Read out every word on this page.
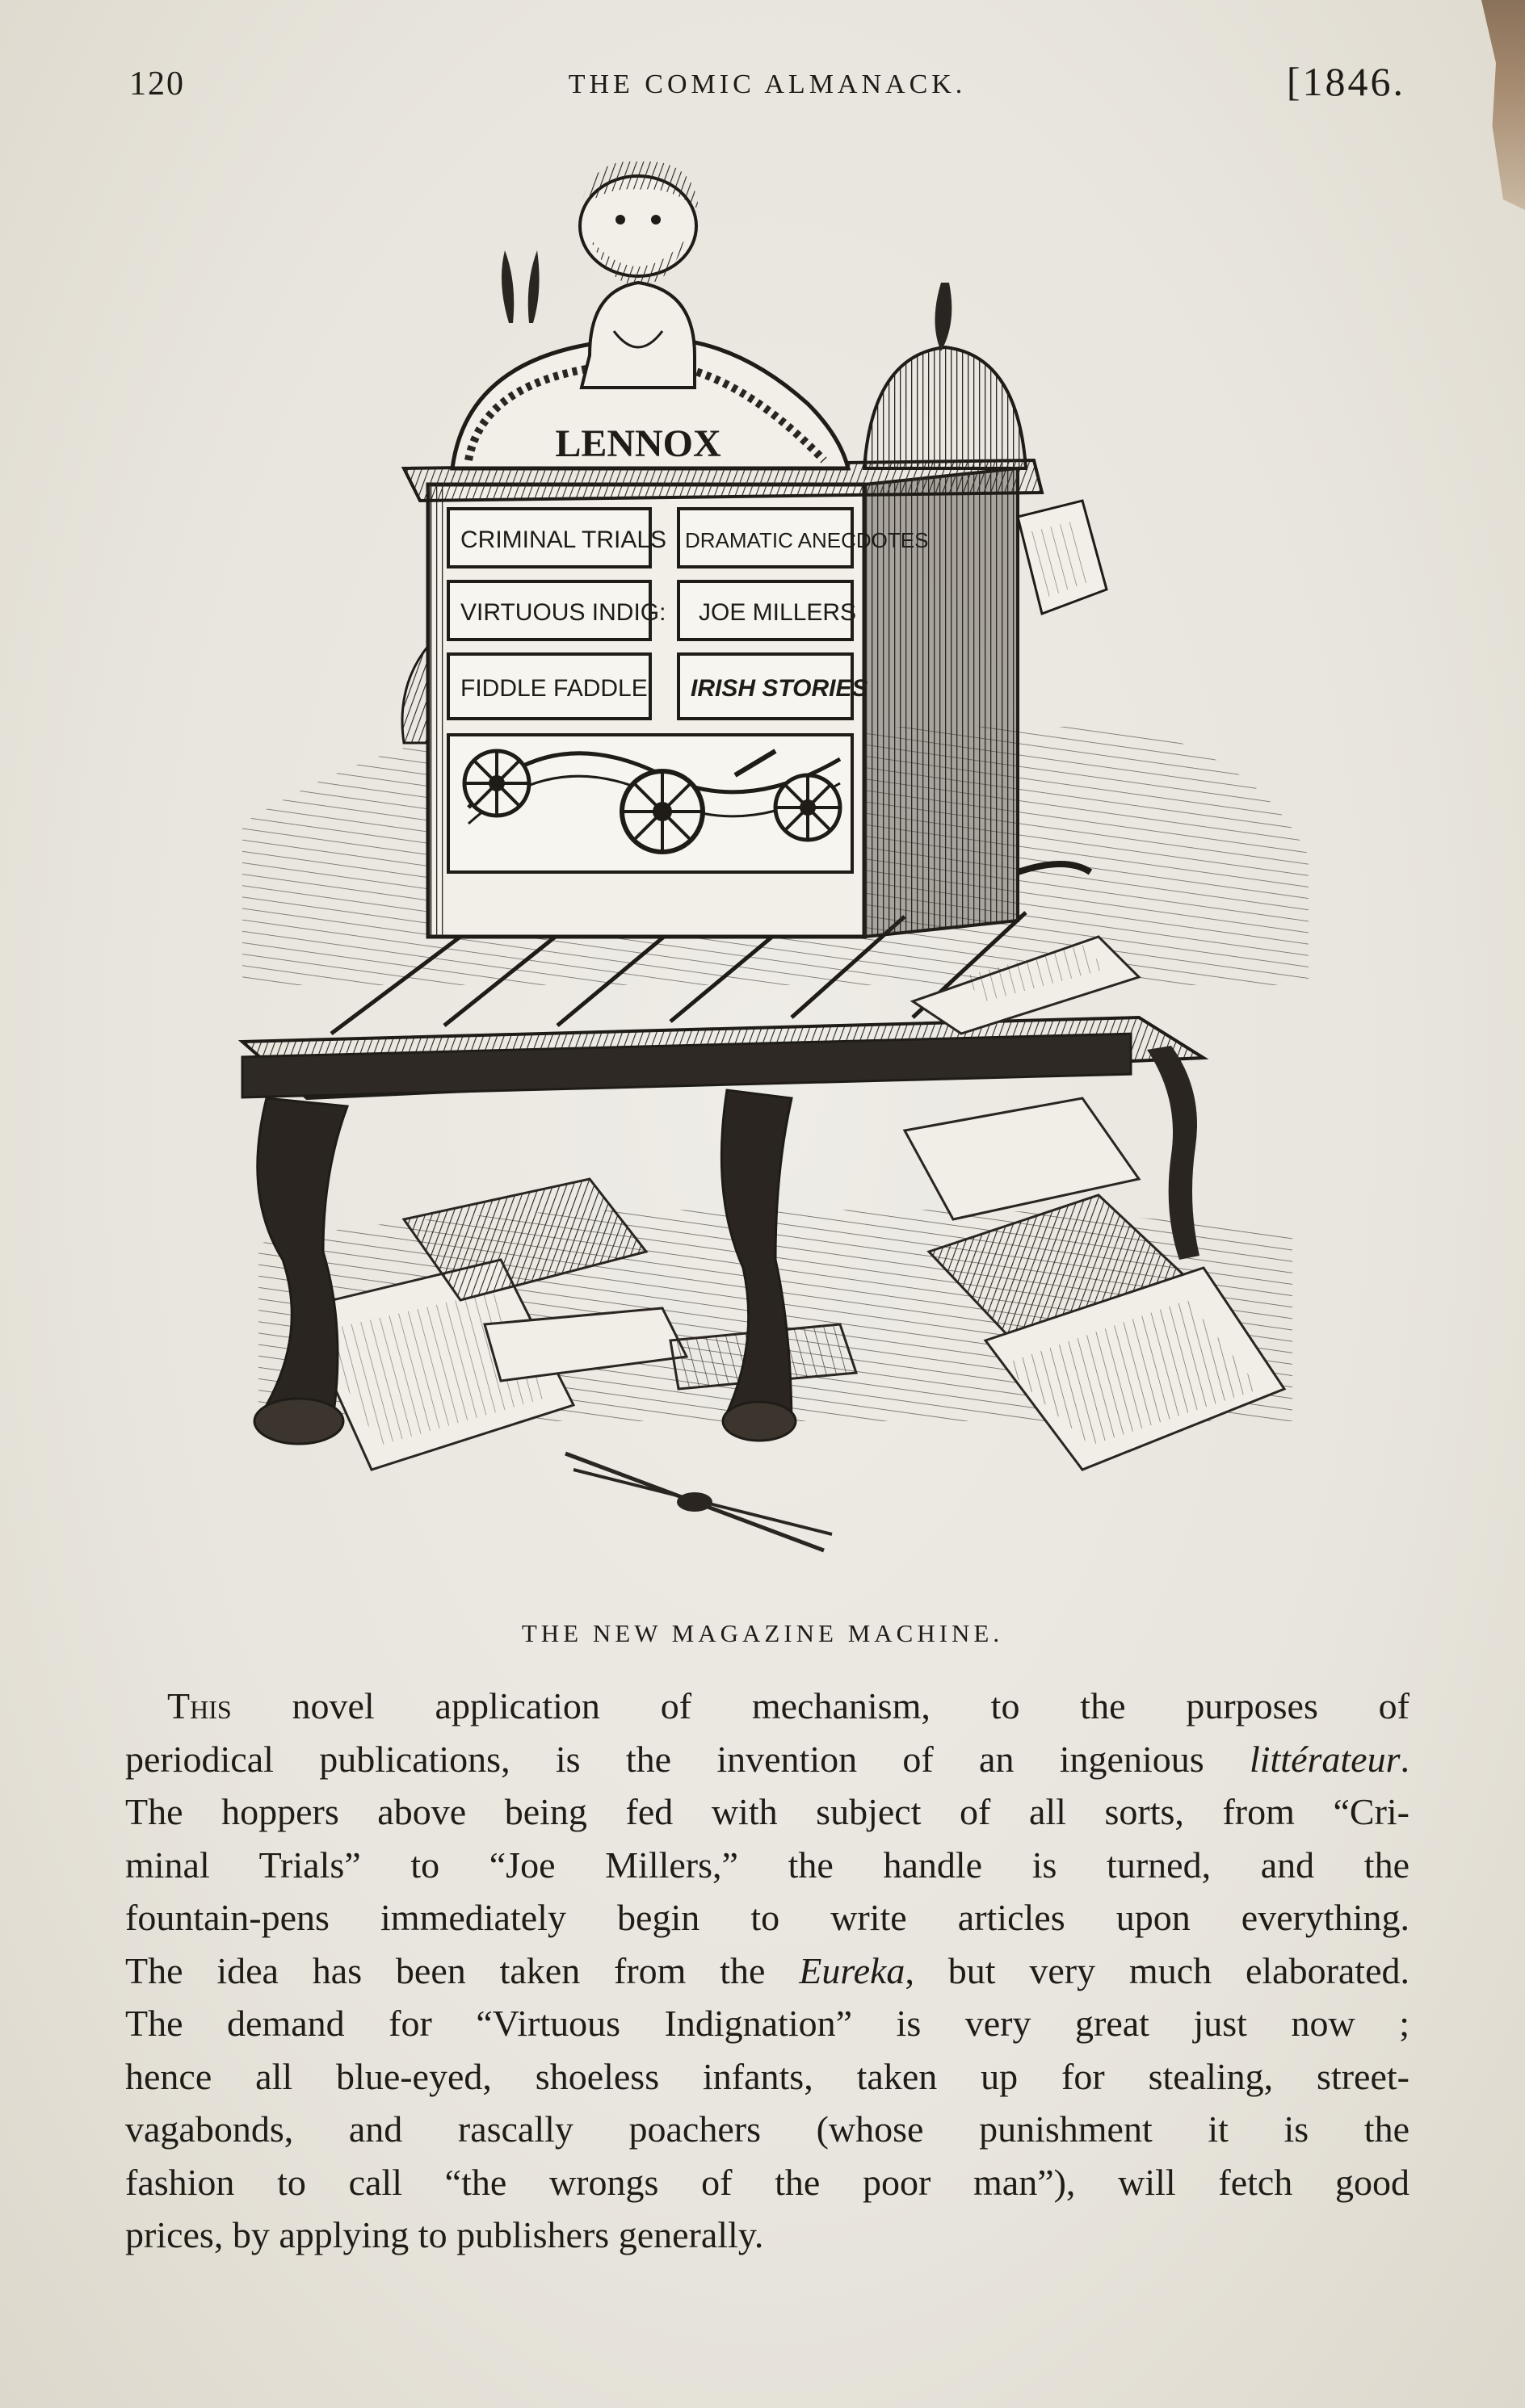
120	THE COMIC ALMANACK.	[1846.
LENNOX
CRIMINAL TRIALS DRAMATIC ANECDOTES
VIRTUOUS INDIG: JOE MILLERS
FIDDLE FADDLE IRISH STORIES
THE NEW MAGAZINE MACHINE.
This novel application of mechanism, to the purposes of
periodical publications, is the invention of an ingenious littérateur.
The hoppers above being fed with subject of all sorts, from “Cri-
minal Trials” to “Joe Millers,” the handle is turned, and the
fountain-pens immediately begin to write articles upon everything.
The idea has been taken from the Eureka, but very much elaborated.
The demand for “Virtuous Indignation” is very great just now ;
hence all blue-eyed, shoeless infants, taken up for stealing, street-
vagabonds, and rascally poachers (whose punishment it is the
fashion to call “the wrongs of the poor man”), will fetch good
prices, by applying to publishers generally.
